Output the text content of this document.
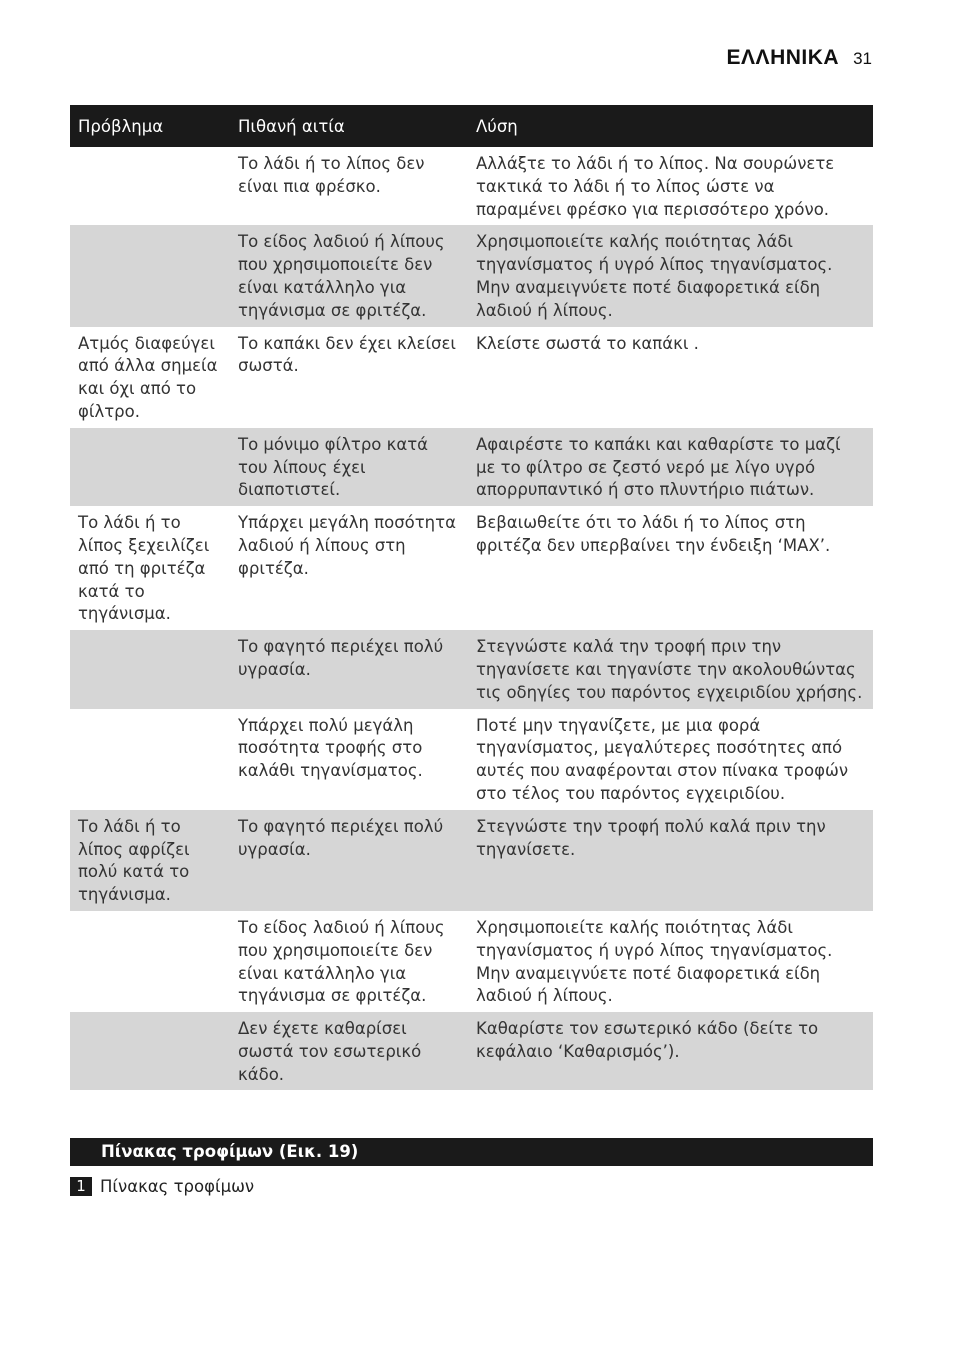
ΕΛΛΗΝΙΚΑ 31
Πρόβλημα	Πιθανή αιτία	Λύση
	Το λάδι ή το λίπος δεν είναι πια φρέσκο.	Αλλάξτε το λάδι ή το λίπος. Να σουρώνετε τακτικά το λάδι ή το λίπος ώστε να παραμένει φρέσκο για περισσότερο χρόνο.
	Το είδος λαδιού ή λίπους που χρησιμοποιείτε δεν είναι κατάλληλο για τηγάνισμα σε φριτέζα.	Χρησιμοποιείτε καλής ποιότητας λάδι τηγανίσματος ή υγρό λίπος τηγανίσματος. Μην αναμειγνύετε ποτέ διαφορετικά είδη λαδιού ή λίπους.
Ατμός διαφεύγει από άλλα σημεία και όχι από το φίλτρο.	Το καπάκι δεν έχει κλείσει σωστά.	Κλείστε σωστά το καπάκι .
	Το μόνιμο φίλτρο κατά του λίπους έχει διαποτιστεί.	Αφαιρέστε το καπάκι και καθαρίστε το μαζί με το φίλτρο σε ζεστό νερό με λίγο υγρό απορρυπαντικό ή στο πλυντήριο πιάτων.
Το λάδι ή το λίπος ξεχειλίζει από τη φριτέζα κατά το τηγάνισμα.	Υπάρχει μεγάλη ποσότητα λαδιού ή λίπους στη φριτέζα.	Βεβαιωθείτε ότι το λάδι ή το λίπος στη φριτέζα δεν υπερβαίνει την ένδειξη ‘MAX’.
	Το φαγητό περιέχει πολύ υγρασία.	Στεγνώστε καλά την τροφή πριν την τηγανίσετε και τηγανίστε την ακολουθώντας τις οδηγίες του παρόντος εγχειριδίου χρήσης.
	Υπάρχει πολύ μεγάλη ποσότητα τροφής στο καλάθι τηγανίσματος.	Ποτέ μην τηγανίζετε, με μια φορά τηγανίσματος, μεγαλύτερες ποσότητες από αυτές που αναφέρονται στον πίνακα τροφών στο τέλος του παρόντος εγχειριδίου.
Το λάδι ή το λίπος αφρίζει πολύ κατά το τηγάνισμα.	Το φαγητό περιέχει πολύ υγρασία.	Στεγνώστε την τροφή πολύ καλά πριν την τηγανίσετε.
	Το είδος λαδιού ή λίπους που χρησιμοποιείτε δεν είναι κατάλληλο για τηγάνισμα σε φριτέζα.	Χρησιμοποιείτε καλής ποιότητας λάδι τηγανίσματος ή υγρό λίπος τηγανίσματος. Μην αναμειγνύετε ποτέ διαφορετικά είδη λαδιού ή λίπους.
	Δεν έχετε καθαρίσει σωστά τον εσωτερικό κάδο.	Καθαρίστε τον εσωτερικό κάδο (δείτε το κεφάλαιο ‘Καθαρισμός’).
Πίνακας τροφίμων (Εικ. 19)
1 Πίνακας τροφίμων
